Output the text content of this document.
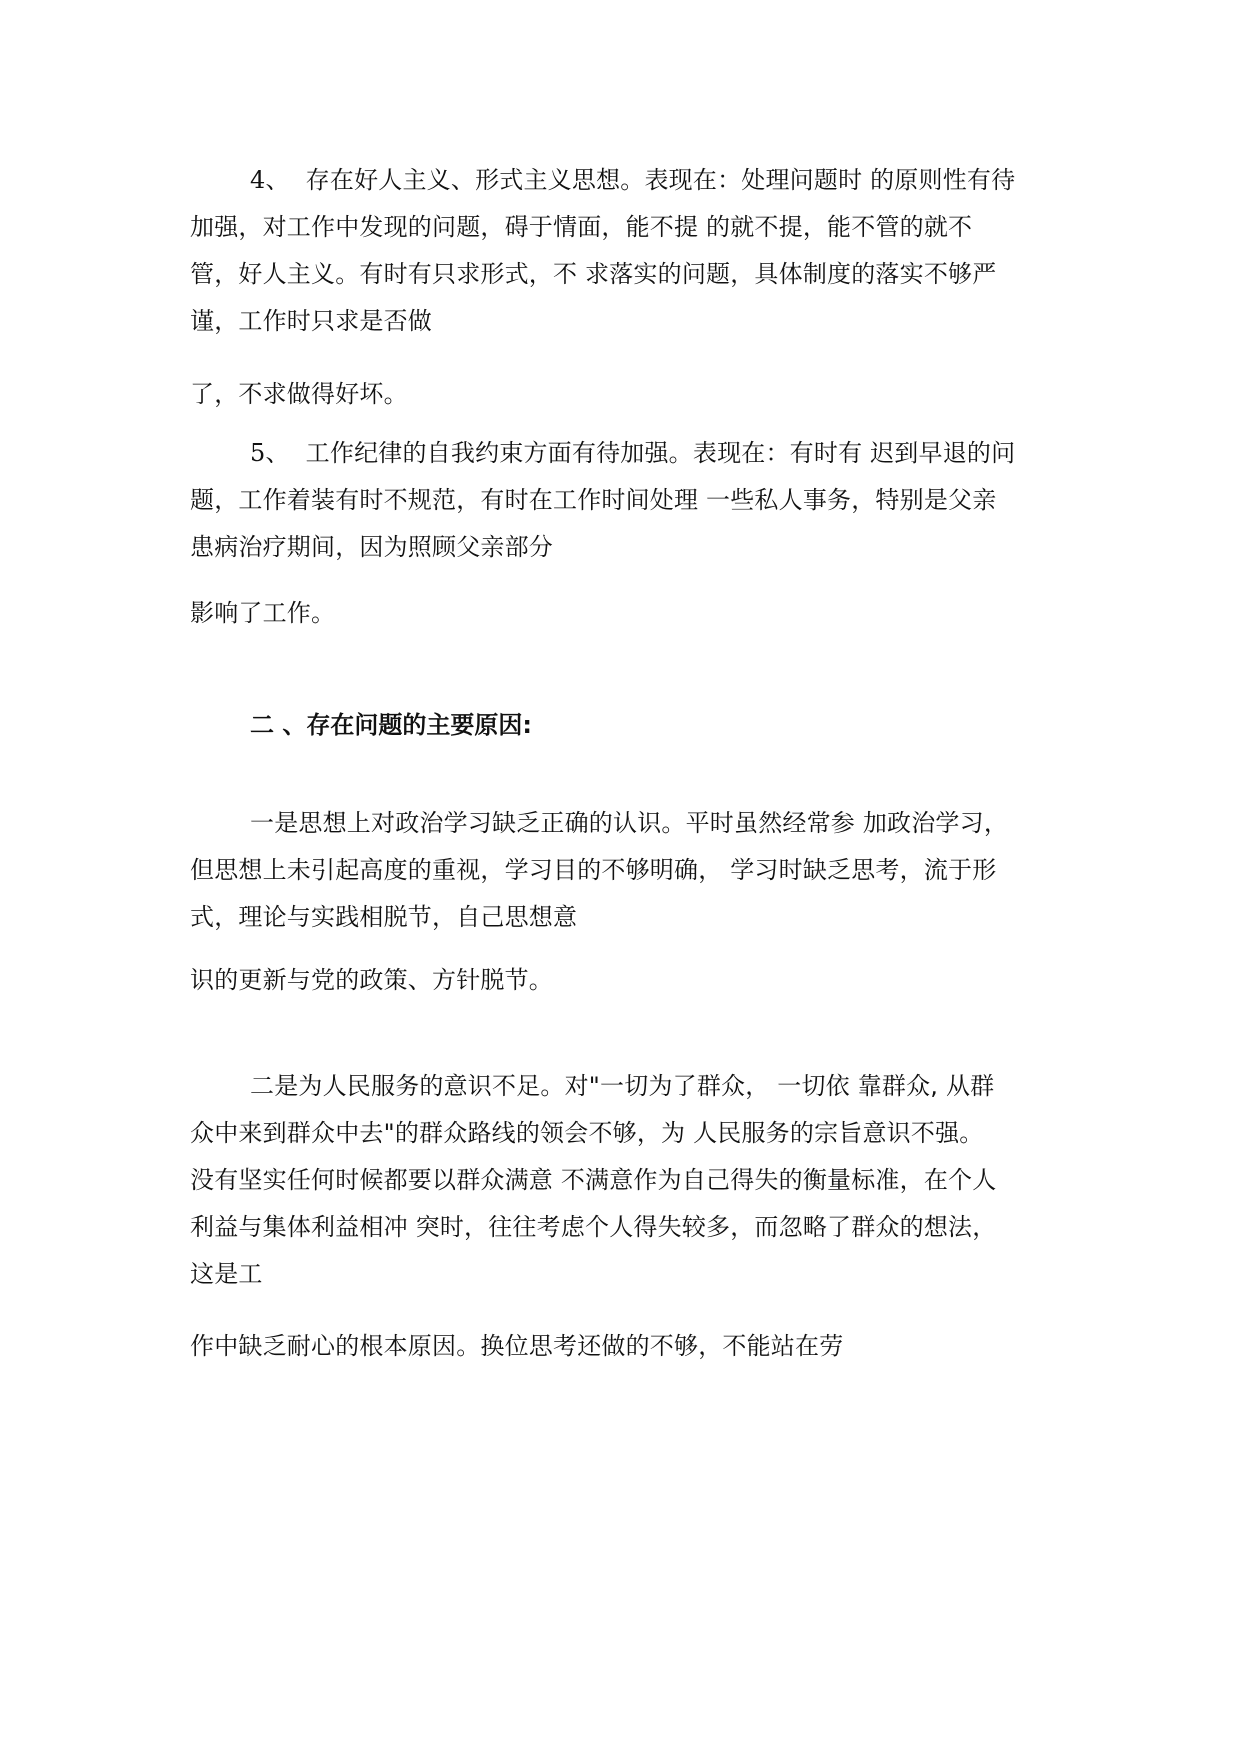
4、 存在好人主义、形式主义思想。表现在：处理问题时 的原则性有待
加强，对工作中发现的问题，碍于情面，能不提 的就不提，能不管的就不
管，好人主义。有时有只求形式，不 求落实的问题，具体制度的落实不够严
谨，工作时只求是否做
了，不求做得好坏。
5、 工作纪律的自我约束方面有待加强。表现在：有时有 迟到早退的问
题，工作着装有时不规范，有时在工作时间处理 一些私人事务，特别是父亲
患病治疗期间，因为照顾父亲部分
影响了工作。
二 、存在问题的主要原因:
一是思想上对政治学习缺乏正确的认识。平时虽然经常参 加政治学习，
但思想上未引起高度的重视，学习目的不够明确， 学习时缺乏思考，流于形
式，理论与实践相脱节，自己思想意
识的更新与党的政策、方针脱节。
二是为人民服务的意识不足。对"一切为了群众， 一切依 靠群众, 从群
众中来到群众中去"的群众路线的领会不够，为 人民服务的宗旨意识不强。
没有坚实任何时候都要以群众满意 不满意作为自己得失的衡量标准，在个人
利益与集体利益相冲 突时，往往考虑个人得失较多，而忽略了群众的想法，
这是工
作中缺乏耐心的根本原因。换位思考还做的不够，不能站在劳
